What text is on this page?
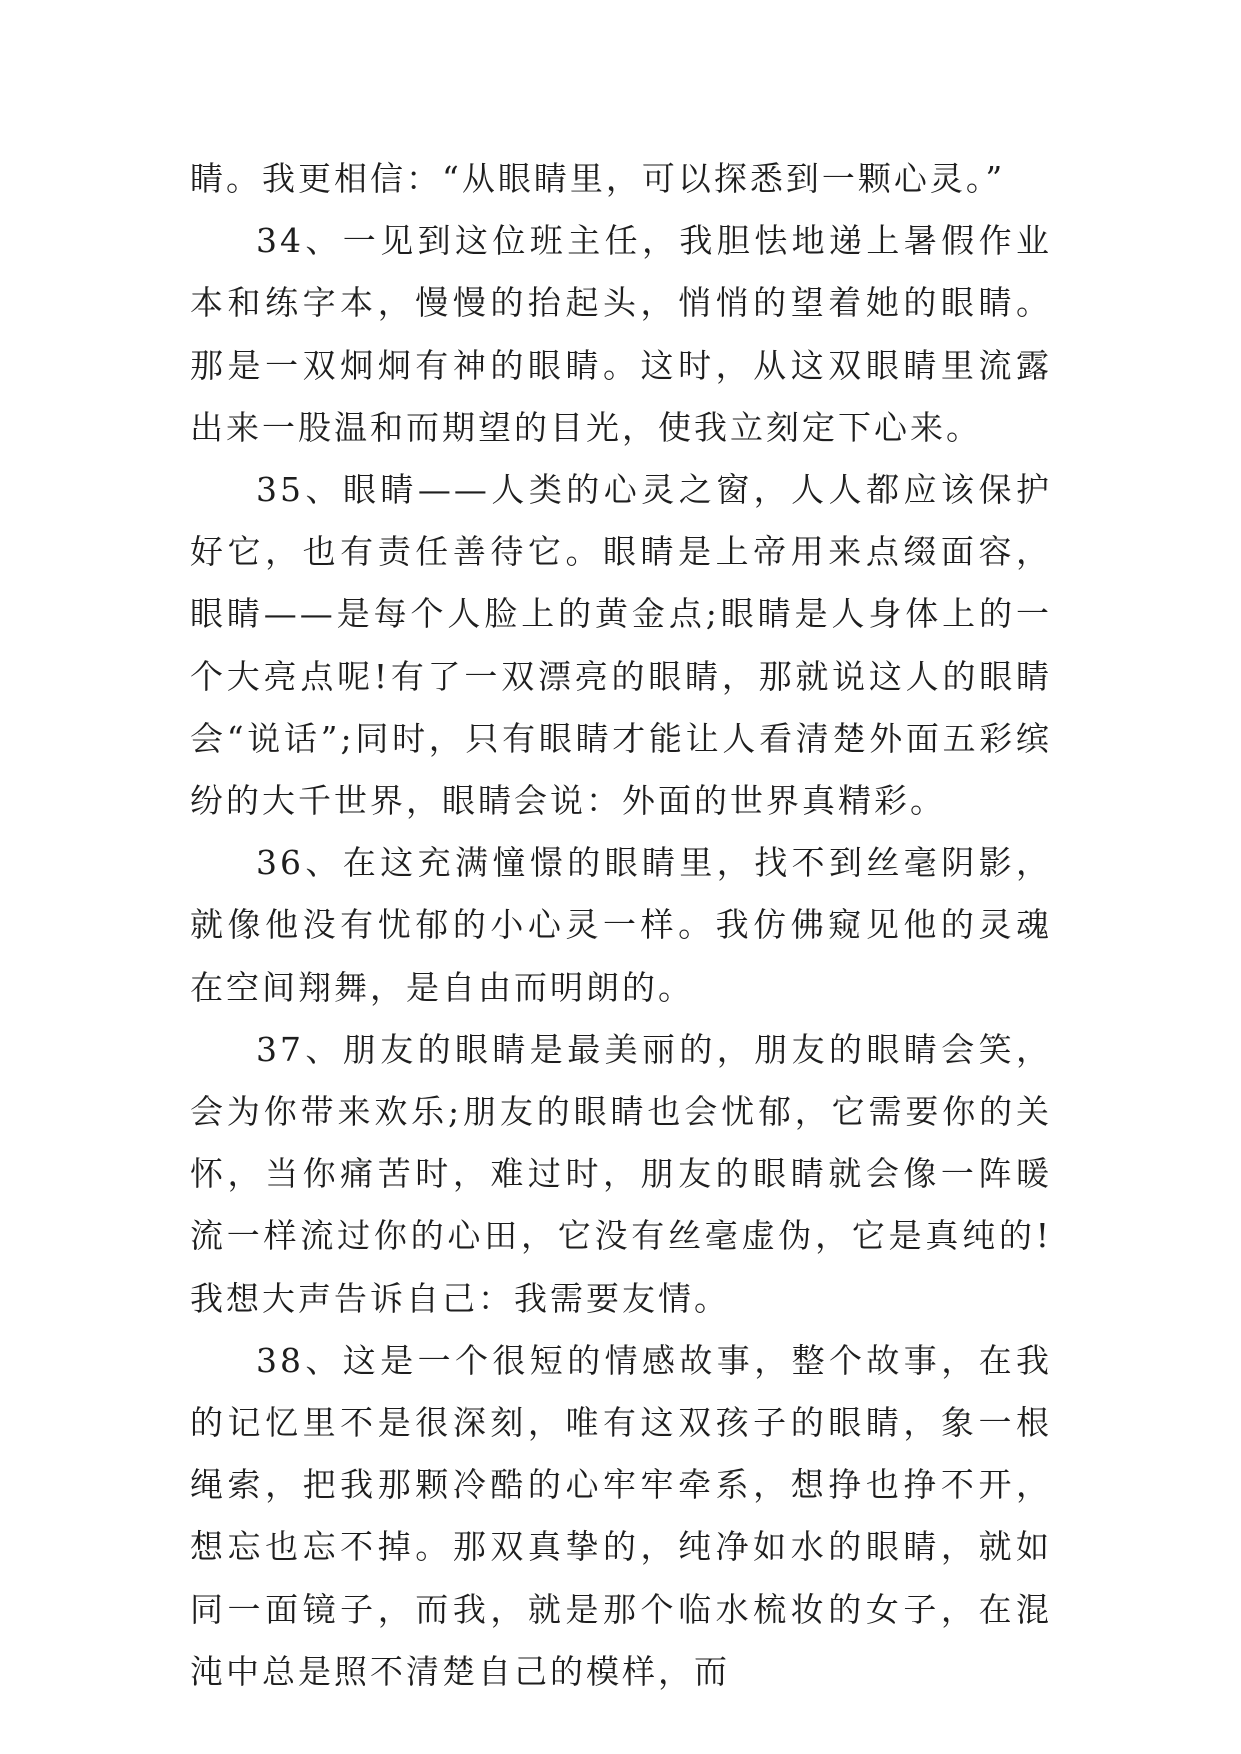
睛。我更相信：“从眼睛里，可以探悉到一颗心灵。”

34、一见到这位班主任，我胆怯地递上暑假作业本和练字本，慢慢的抬起头，悄悄的望着她的眼睛。那是一双炯炯有神的眼睛。这时，从这双眼睛里流露出来一股温和而期望的目光，使我立刻定下心来。

35、眼睛——人类的心灵之窗，人人都应该保护好它，也有责任善待它。眼睛是上帝用来点缀面容，眼睛——是每个人脸上的黄金点;眼睛是人身体上的一个大亮点呢!有了一双漂亮的眼睛，那就说这人的眼睛会“说话”;同时，只有眼睛才能让人看清楚外面五彩缤纷的大千世界，眼睛会说：外面的世界真精彩。

36、在这充满憧憬的眼睛里，找不到丝毫阴影，就像他没有忧郁的小心灵一样。我仿佛窥见他的灵魂在空间翔舞，是自由而明朗的。

37、朋友的眼睛是最美丽的，朋友的眼睛会笑，会为你带来欢乐;朋友的眼睛也会忧郁，它需要你的关怀，当你痛苦时，难过时，朋友的眼睛就会像一阵暖流一样流过你的心田，它没有丝毫虚伪，它是真纯的!我想大声告诉自己：我需要友情。

38、这是一个很短的情感故事，整个故事，在我的记忆里不是很深刻，唯有这双孩子的眼睛，象一根绳索，把我那颗冷酷的心牢牢牵系，想挣也挣不开，想忘也忘不掉。那双真挚的，纯净如水的眼睛，就如同一面镜子，而我，就是那个临水梳妆的女子，在混沌中总是照不清楚自己的模样，而
